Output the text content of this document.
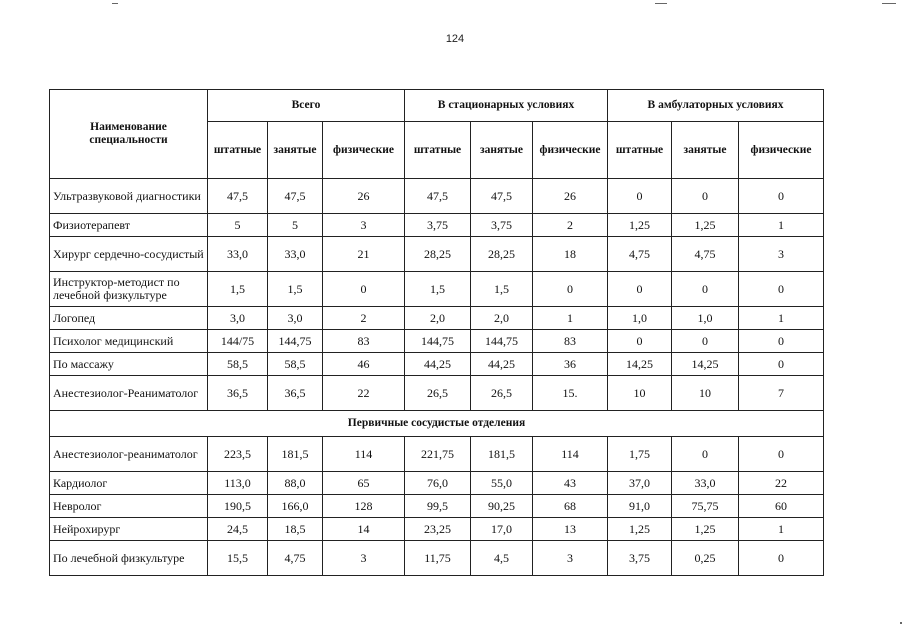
124
Наименование специальности	Всего			В стационарных условиях			В амбулаторных условиях		
	штатные	занятые	физические	штатные	занятые	физические	штатные	занятые	физические
Ультразвуковой диагностики	47,5	47,5	26	47,5	47,5	26	0	0	0
Физиотерапевт	5	5	3	3,75	3,75	2	1,25	1,25	1
Хирург сердечно-сосудистый	33,0	33,0	21	28,25	28,25	18	4,75	4,75	3
Инструктор-методист по лечебной физкультуре	1,5	1,5	0	1,5	1,5	0	0	0	0
Логопед	3,0	3,0	2	2,0	2,0	1	1,0	1,0	1
Психолог медицинский	144/75	144,75	83	144,75	144,75	83	0	0	0
По массажу	58,5	58,5	46	44,25	44,25	36	14,25	14,25	0
Анестезиолог-Реаниматолог	36,5	36,5	22	26,5	26,5	15.	10	10	7
Первичные сосудистые отделения									
Анестезиолог-реаниматолог	223,5	181,5	114	221,75	181,5	114	1,75	0	0
Кардиолог	113,0	88,0	65	76,0	55,0	43	37,0	33,0	22
Невролог	190,5	166,0	128	99,5	90,25	68	91,0	75,75	60
Нейрохирург	24,5	18,5	14	23,25	17,0	13	1,25	1,25	1
По лечебной физкультуре	15,5	4,75	3	11,75	4,5	3	3,75	0,25	0
